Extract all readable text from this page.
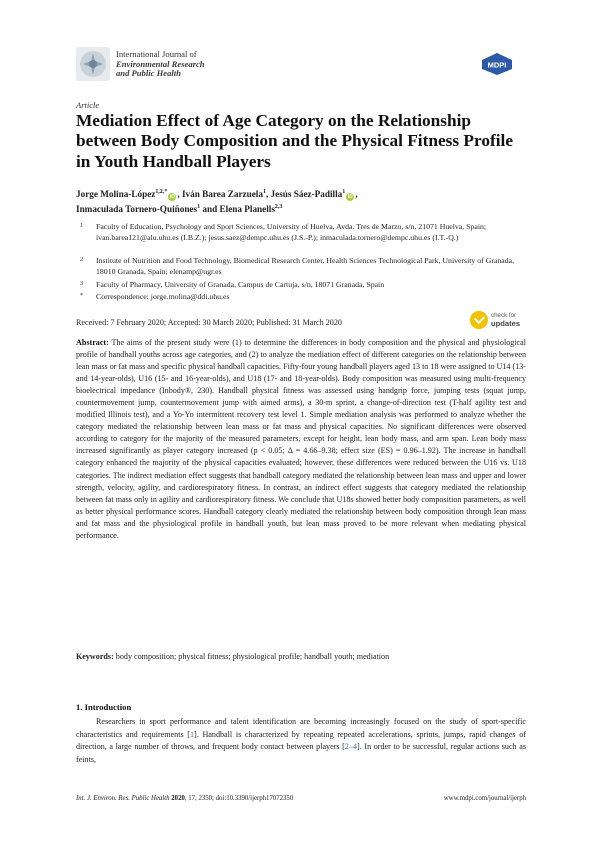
International Journal of
Environmental Research
and Public Health
MDPI
Article
Mediation Effect of Age Category on the Relationship between Body Composition and the Physical Fitness Profile in Youth Handball Players
Jorge Molina-López$^{1,2,*}$iD , Iván Barea Zarzuela$^1$, Jesús Sáez-Padilla$^1$iD ,
Inmaculada Tornero-Quiñones$^1$ and Elena Planells$^{2,3}$
1 Faculty of Education, Psychology and Sport Sciences, University of Huelva, Avda. Tres de Marzo, s/n, 21071 Huelva, Spain; ivan.barea121@alu.uhu.es (I.B.Z.); jesus.saez@dempc.uhu.es (J.S.-P.); inmaculada.tornero@dempc.uhu.es (I.T.-Q.)
2 Institute of Nutrition and Food Technology, Biomedical Research Center, Health Sciences Technological Park, University of Granada, 18010 Granada, Spain; elenamp@ugr.es
3 Faculty of Pharmacy, University of Granada, Campus de Cartuja, s/n, 18071 Granada, Spain
* Correspondence: jorge.molina@ddi.uhu.es
Received: 7 February 2020; Accepted: 30 March 2020; Published: 31 March 2020
check for
updates
Abstract: The aims of the present study were (1) to determine the differences in body composition and the physical and physiological profile of handball youths across age categories, and (2) to analyze the mediation effect of different categories on the relationship between lean mass or fat mass and specific physical handball capacities. Fifty-four young handball players aged 13 to 18 were assigned to U14 (13- and 14-year-olds), U16 (15- and 16-year-olds), and U18 (17- and 18-year-olds). Body composition was measured using multi-frequency bioelectrical impedance (Inbody®, 230). Handball physical fitness was assessed using handgrip force, jumping tests (squat jump, countermovement jump, countermovement jump with aimed arms), a 30-m sprint, a change-of-direction test (T-half agility test and modified Illinois test), and a Yo-Yo intermittent recovery test level 1. Simple mediation analysis was performed to analyze whether the category mediated the relationship between lean mass or fat mass and physical capacities. No significant differences were observed according to category for the majority of the measured parameters, except for height, lean body mass, and arm span. Lean body mass increased significantly as player category increased (p < 0.05; Δ = 4.66–9.38; effect size (ES) = 0.96–1.92). The increase in handball category enhanced the majority of the physical capacities evaluated; however, these differences were reduced between the U16 vs. U18 categories. The indirect mediation effect suggests that handball category mediated the relationship between lean mass and upper and lower strength, velocity, agility, and cardiorespiratory fitness. In contrast, an indirect effect suggests that category mediated the relationship between fat mass only in agility and cardiorespiratory fitness. We conclude that U18s showed better body composition parameters, as well as better physical performance scores. Handball category clearly mediated the relationship between body composition through lean mass and fat mass and the physiological profile in handball youth, but lean mass proved to be more relevant when mediating physical performance.
Keywords: body composition; physical fitness; physiological profile; handball youth; mediation
1. Introduction
Researchers in sport performance and talent identification are becoming increasingly focused on the study of sport-specific characteristics and requirements [1]. Handball is characterized by repeating repeated accelerations, sprints, jumps, rapid changes of direction, a large number of throws, and frequent body contact between players [2–4]. In order to be successful, regular actions such as feints,
Int. J. Environ. Res. Public Health 2020, 17, 2350; doi:10.3390/ijerph17072350	www.mdpi.com/journal/ijerph
